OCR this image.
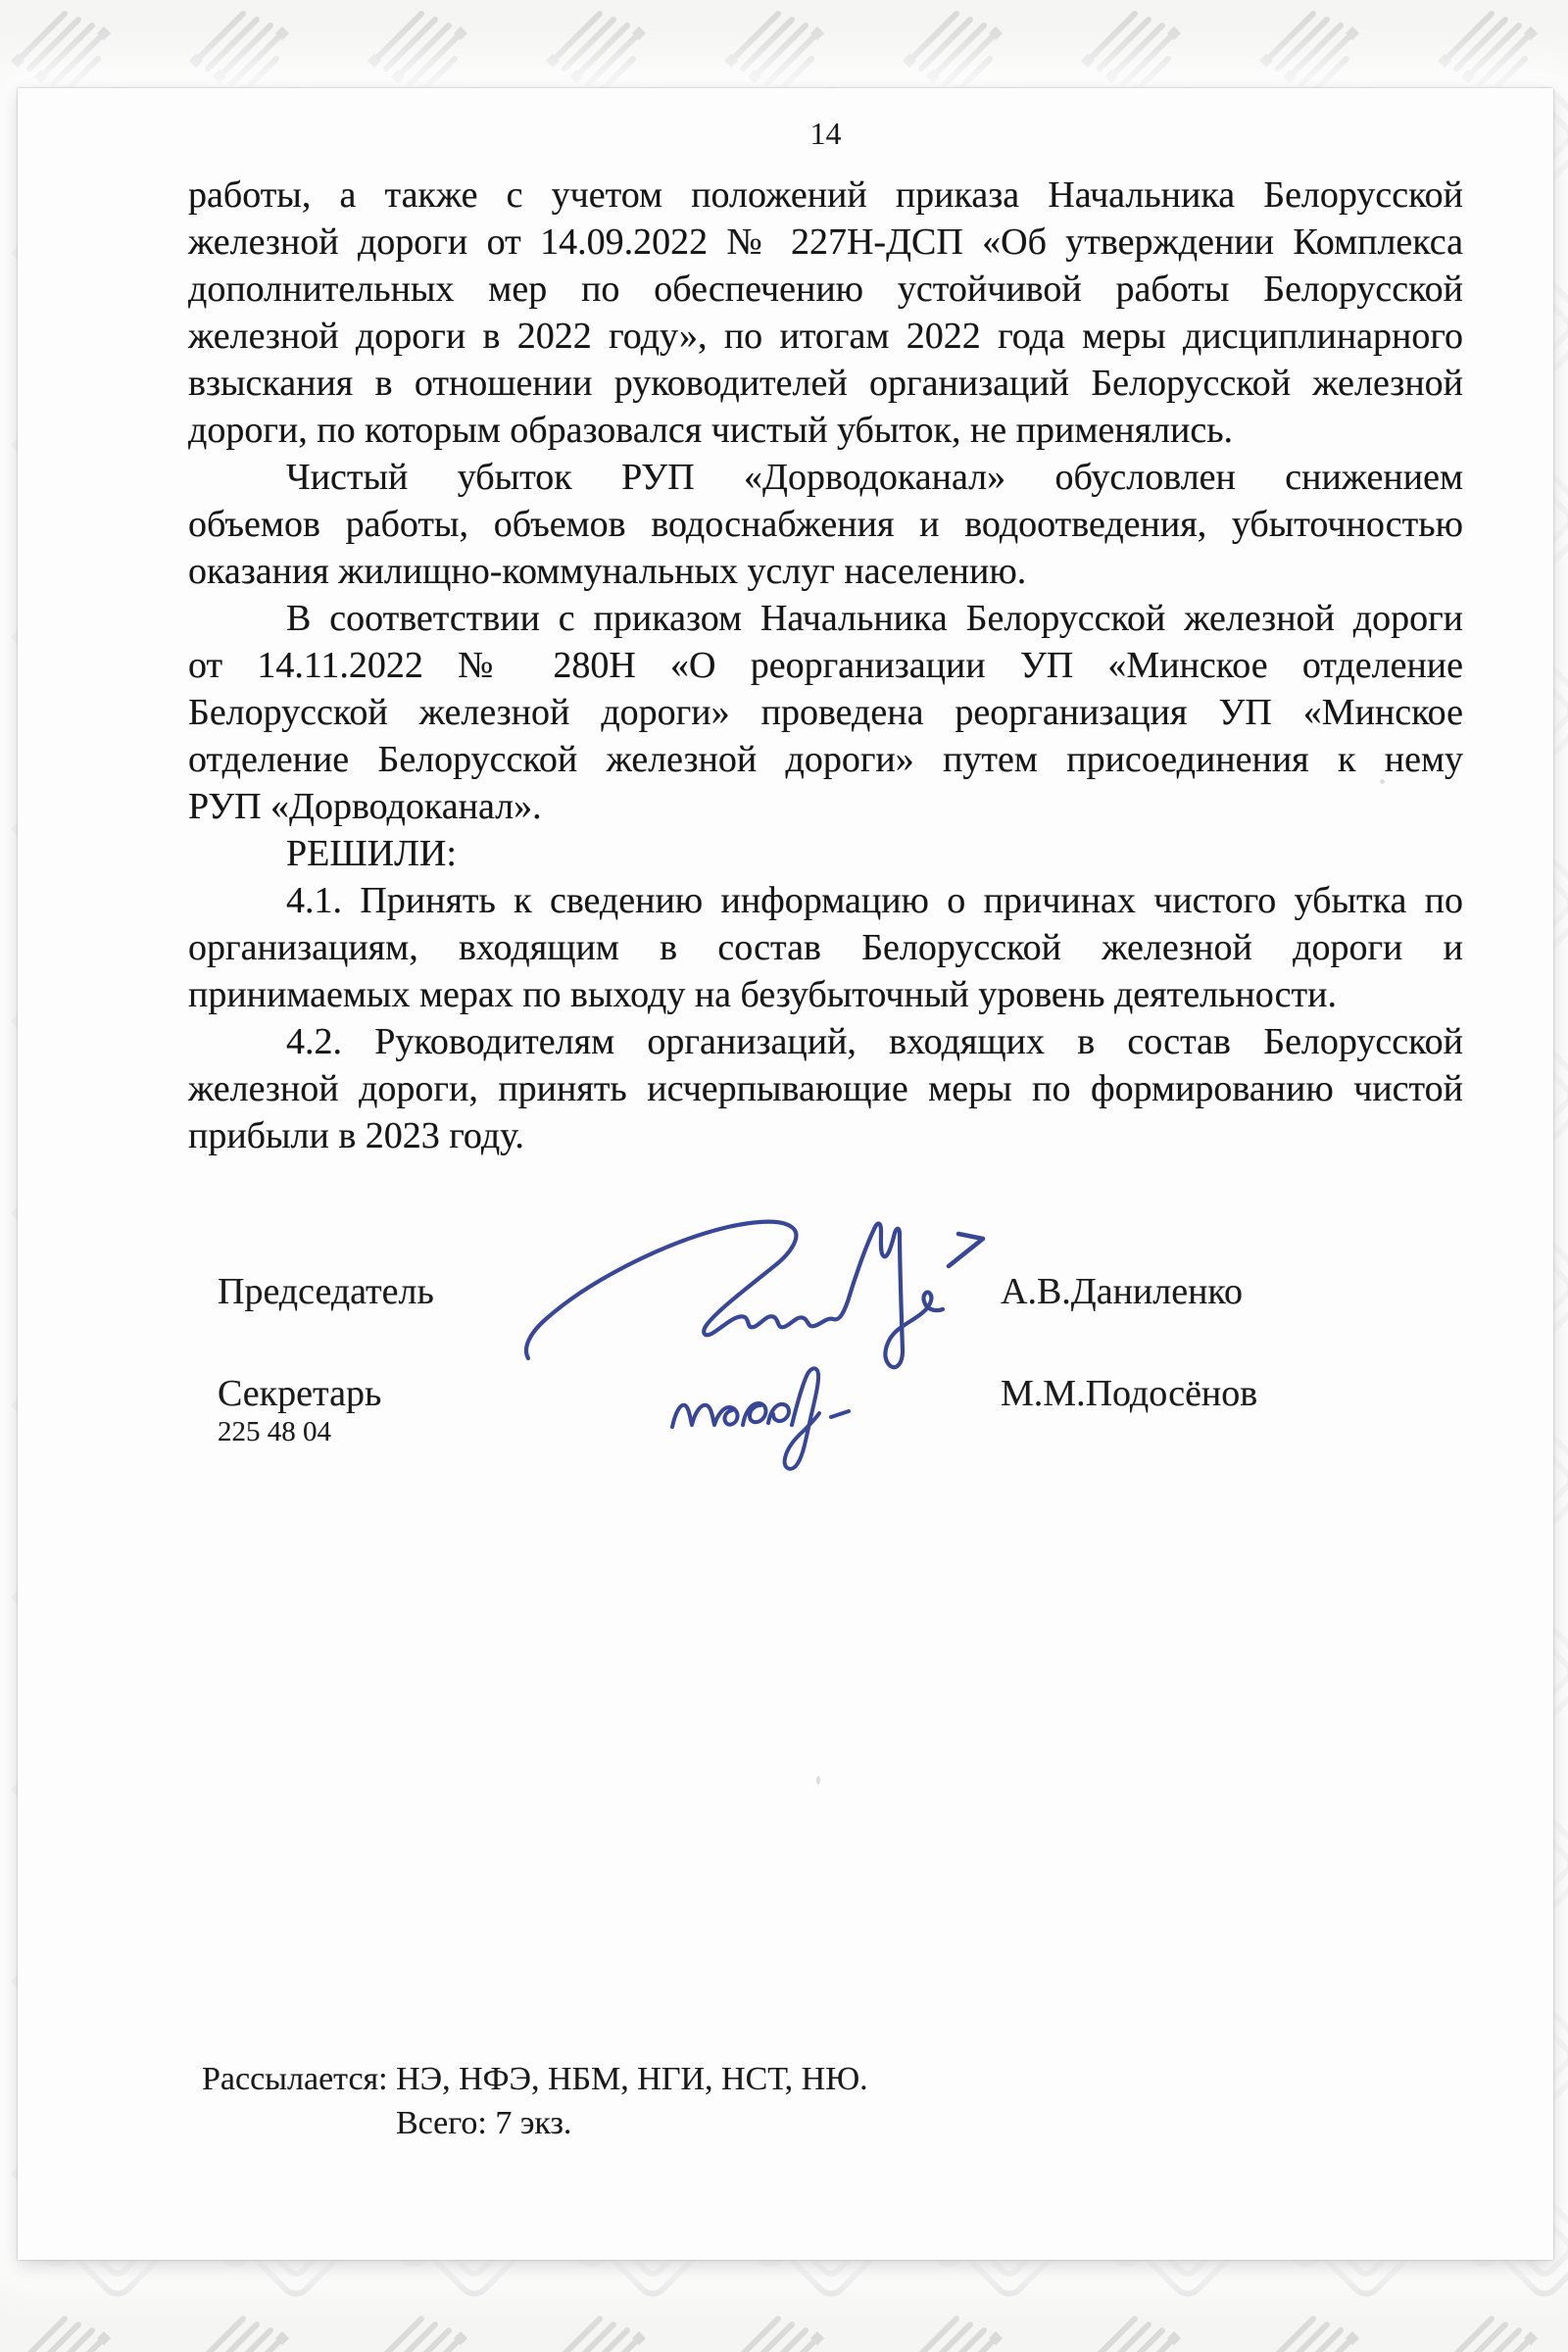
14
работы, а также с учетом положений приказа Начальника Белорусской
железной дороги от 14.09.2022 № 227Н-ДСП «Об утверждении Комплекса
дополнительных мер по обеспечению устойчивой работы Белорусской
железной дороги в 2022 году», по итогам 2022 года меры дисциплинарного
взыскания в отношении руководителей организаций Белорусской железной
дороги, по которым образовался чистый убыток, не применялись.
Чистый убыток РУП «Дорводоканал» обусловлен снижением
объемов работы, объемов водоснабжения и водоотведения, убыточностью
оказания жилищно-коммунальных услуг населению.
В соответствии с приказом Начальника Белорусской железной дороги
от 14.11.2022 № 280Н «О реорганизации УП «Минское отделение
Белорусской железной дороги» проведена реорганизация УП «Минское
отделение Белорусской железной дороги» путем присоединения к нему
РУП «Дорводоканал».
РЕШИЛИ:
4.1. Принять к сведению информацию о причинах чистого убытка по
организациям, входящим в состав Белорусской железной дороги и
принимаемых мерах по выходу на безубыточный уровень деятельности.
4.2. Руководителям организаций, входящих в состав Белорусской
железной дороги, принять исчерпывающие меры по формированию чистой
прибыли в 2023 году.
Председатель	А.В.Даниленко
Секретарь	М.М.Подосёнов
225 48 04
Рассылается: НЭ, НФЭ, НБМ, НГИ, НСТ, НЮ.
Всего: 7 экз.
